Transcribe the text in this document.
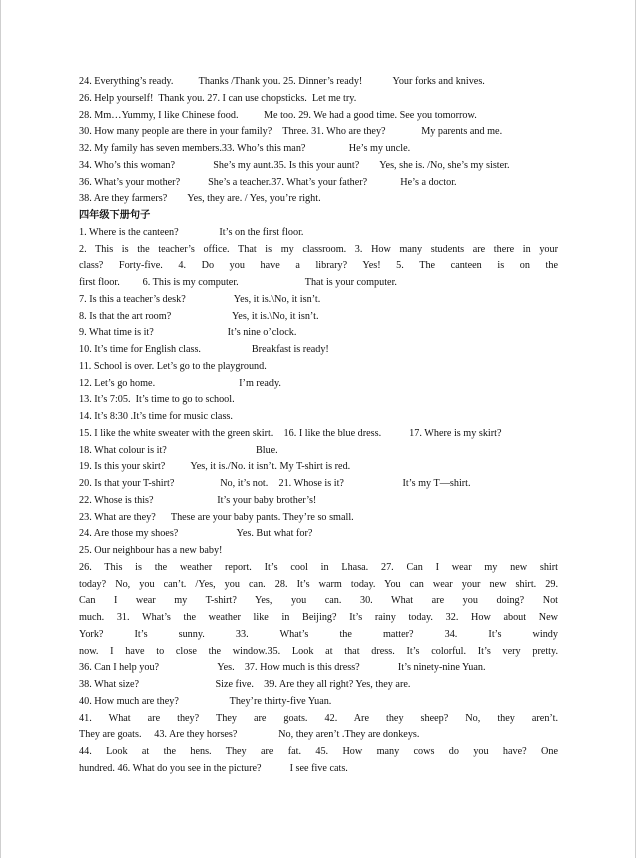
24. Everything’s ready.          Thanks /Thank you. 25. Dinner’s ready!            Your forks and knives.
26. Help yourself!  Thank you. 27. I can use chopsticks.  Let me try.
28. Mm…Yummy, I like Chinese food.          Me too. 29. We had a good time. See you tomorrow.
30. How many people are there in your family?    Three. 31. Who are they?              My parents and me.
32. My family has seven members.33. Who’s this man?                 He’s my uncle.
34. Who’s this woman?               She’s my aunt.35. Is this your aunt?        Yes, she is. /No, she’s my sister.
36. What’s your mother?           She’s a teacher.37. What’s your father?             He’s a doctor.
38. Are they farmers?        Yes, they are. / Yes, you’re right.
四年级下册句子
1. Where is the canteen?                It’s on the first floor.
2. This is the teacher’s office. That is my classroom. 3. How many students are there in your
class? Forty-five. 4. Do you have a library? Yes! 5. The canteen is on the
first floor.         6. This is my computer.                          That is your computer.
7. Is this a teacher’s desk?                   Yes, it is.\No, it isn’t.
8. Is that the art room?                        Yes, it is.\No, it isn’t.
9. What time is it?                             It’s nine o’clock.
10. It’s time for English class.                    Breakfast is ready!
11. School is over. Let’s go to the playground.
12. Let’s go home.                                 I’m ready.
13. It’s 7:05.  It’s time to go to school.
14. It’s 8:30 .It’s time for music class.
15. I like the white sweater with the green skirt.    16. I like the blue dress.           17. Where is my skirt?
18. What colour is it?                                   Blue.
19. Is this your skirt?          Yes, it is./No. it isn’t. My T-shirt is red.
20. Is that your T-shirt?                  No, it’s not.    21. Whose is it?                       It’s my T—shirt.
22. Whose is this?                         It’s your baby brother’s!
23. What are they?      These are your baby pants. They’re so small.
24. Are those my shoes?                       Yes. But what for?
25. Our neighbour has a new baby!
26. This is the weather report. It’s cool in Lhasa. 27. Can I wear my new shirt
today? No, you can’t. /Yes, you can. 28. It’s warm today. You can wear your new shirt. 29.
Can I wear my T-shirt? Yes, you can. 30. What are you doing? Not
much. 31. What’s the weather like in Beijing? It’s rainy today. 32. How about New
York? It’s sunny. 33. What’s the matter? 34. It’s windy
now. I have to close the window.35. Look at that dress. It’s colorful. It’s very pretty.
36. Can I help you?                       Yes.    37. How much is this dress?               It’s ninety-nine Yuan.
38. What size?                              Size five.    39. Are they all right? Yes, they are.
40. How much are they?                    They’re thirty-five Yuan.
41. What are they? They are goats. 42. Are they sheep? No, they aren’t.
They are goats.     43. Are they horses?                No, they aren’t .They are donkeys.
44. Look at the hens. They are fat. 45. How many cows do you have? One
hundred. 46. What do you see in the picture?           I see five cats.
